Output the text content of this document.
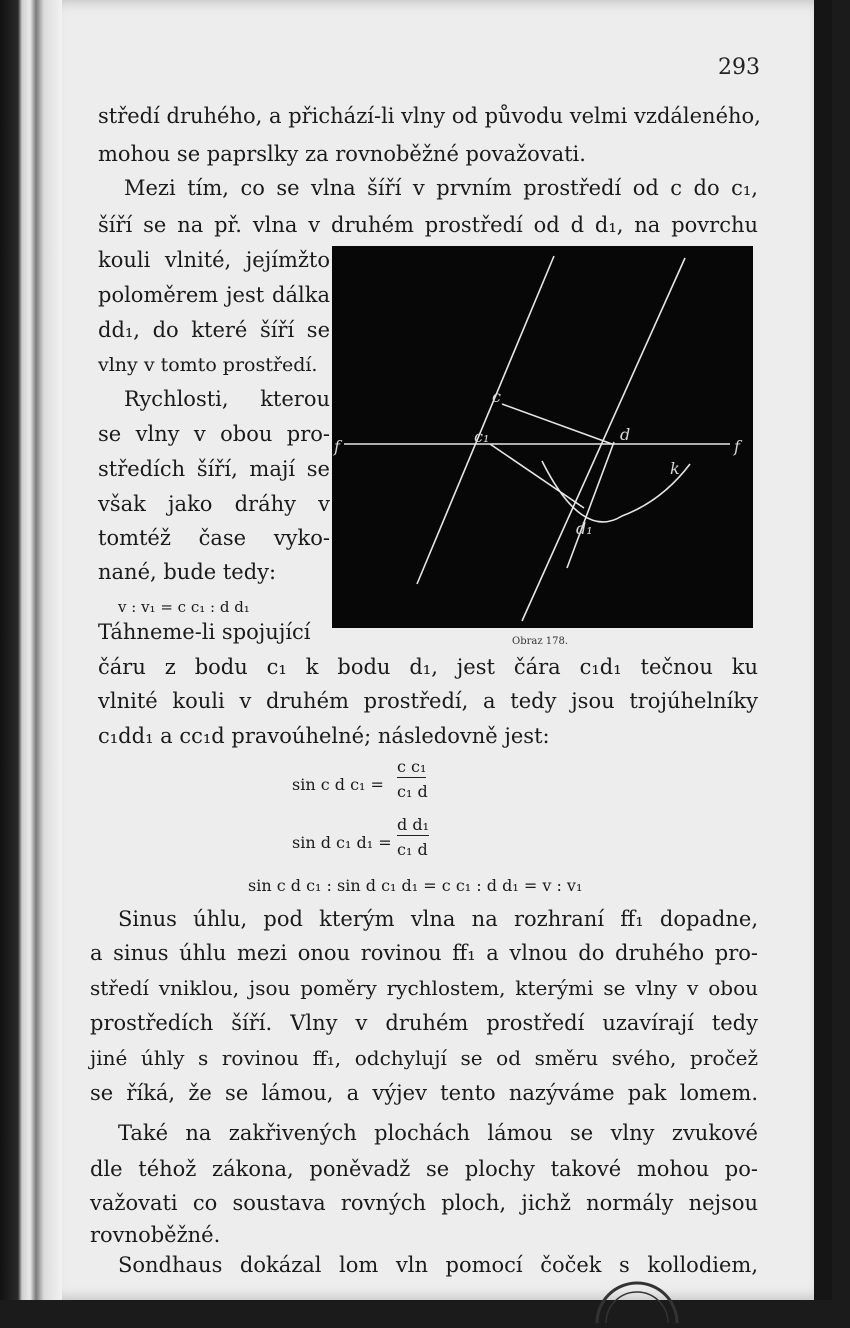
293
středí druhého, a přichází-li vlny od původu velmi vzdáleného,
mohou se paprslky za rovnoběžné považovati.
Mezi tím, co se vlna šíří v prvním prostředí od c do c₁,
šíří se na př. vlna v druhém prostředí od d d₁, na povrchu
kouli vlnité, jejímžto
poloměrem jest dálka
dd₁, do které šíří se
vlny v tomto prostředí.
Rychlosti, kterou
se vlny v obou pro-
středích šíří, mají se
však jako dráhy v
tomtéž čase vyko-
nané, bude tedy:
v : v₁ = c c₁ : d d₁
Táhneme-li spojující
f	f
c
c₁	d
d₁
k
Obraz 178.
čáru z bodu c₁ k bodu d₁, jest čára c₁d₁ tečnou ku
vlnité kouli v druhém prostředí, a tedy jsou trojúhelníky
c₁dd₁ a cc₁d pravoúhelné; následovně jest:
sin c d c₁ =
c c₁
c₁ d
sin d c₁ d₁ =
d d₁
c₁ d
sin c d c₁ : sin d c₁ d₁ = c c₁ : d d₁ = v : v₁
Sinus úhlu, pod kterým vlna na rozhraní ff₁ dopadne,
a sinus úhlu mezi onou rovinou ff₁ a vlnou do druhého pro-
středí vniklou, jsou poměry rychlostem, kterými se vlny v obou
prostředích šíří. Vlny v druhém prostředí uzavírají tedy
jiné úhly s rovinou ff₁, odchylují se od směru svého, pročež
se říká, že se lámou, a výjev tento nazýváme pak lomem.
Také na zakřivených plochách lámou se vlny zvukové
dle téhož zákona, poněvadž se plochy takové mohou po-
važovati co soustava rovných ploch, jichž normály nejsou
rovnoběžné.
Sondhaus dokázal lom vln pomocí čoček s kollodiem,
